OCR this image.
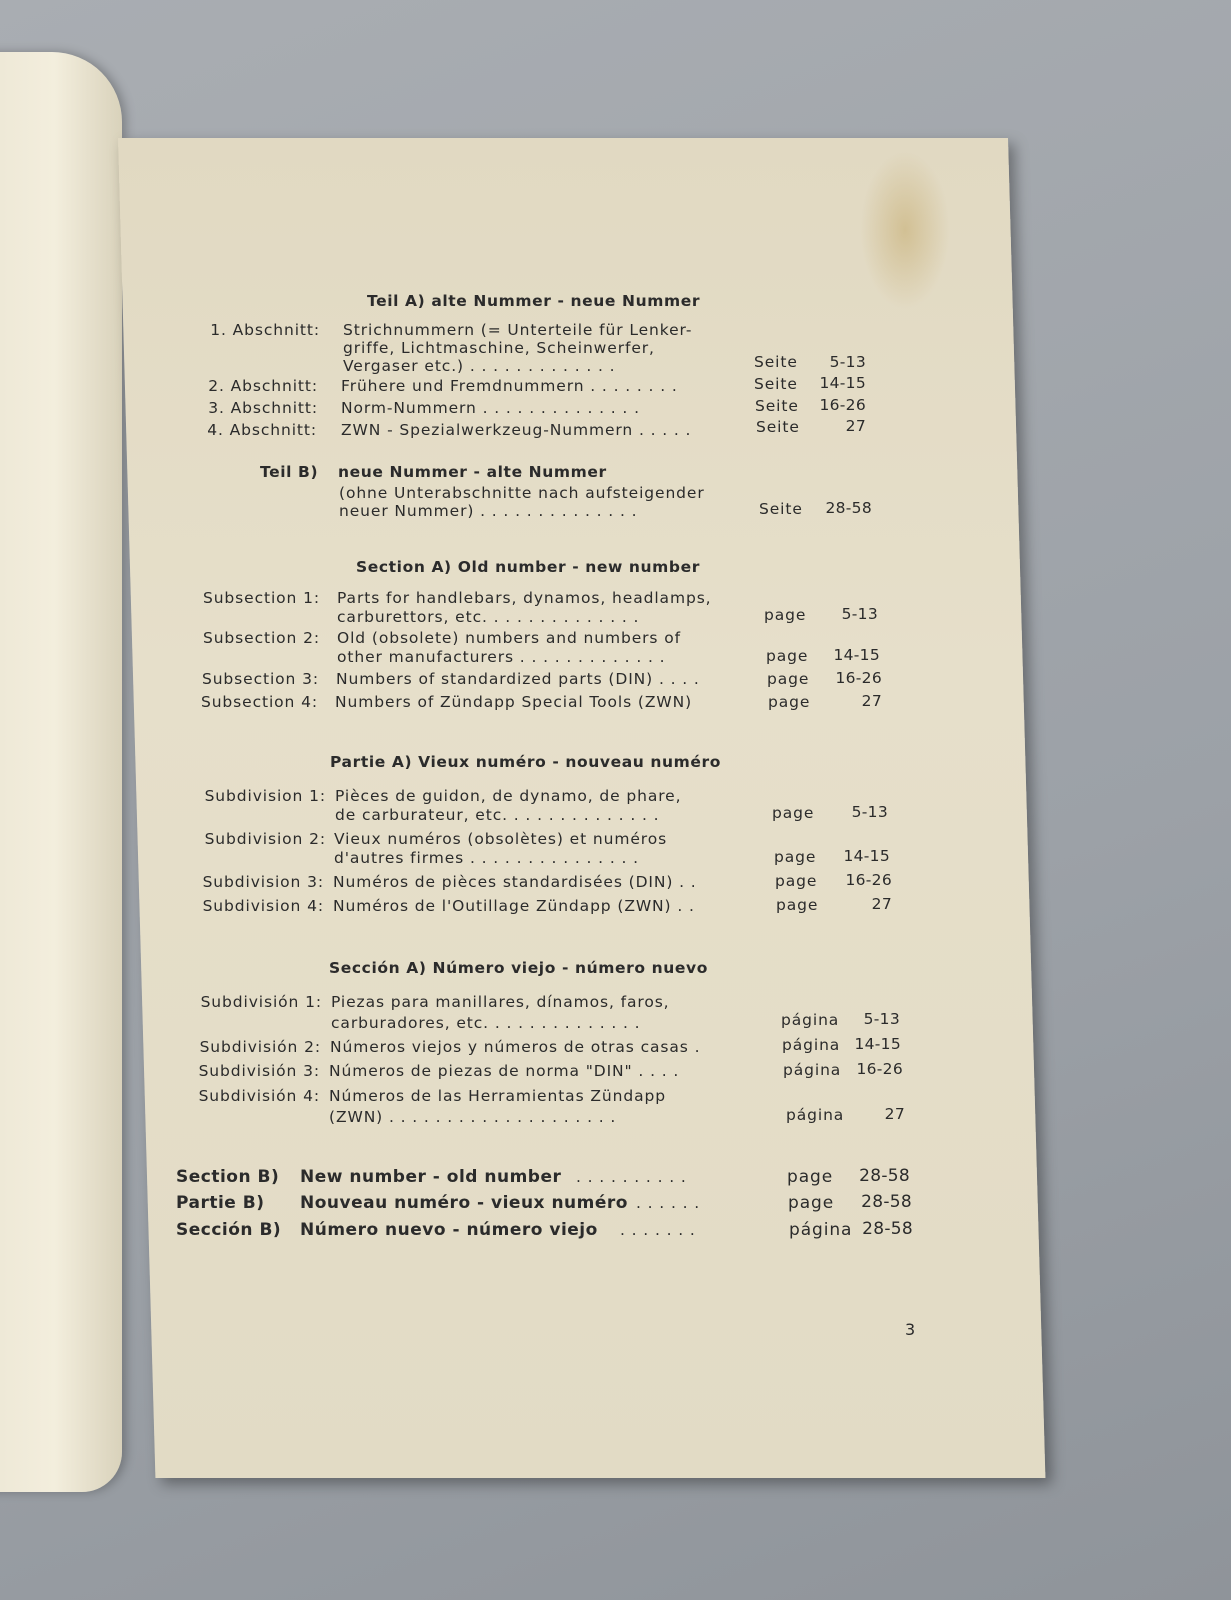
Teil A) alte Nummer - neue Nummer
1. Abschnitt: Strichnummern (= Unterteile für Lenker-
griffe, Lichtmaschine, Scheinwerfer,
Vergaser etc.) . . . . . . . . . . . . .	Seite	5-13
2. Abschnitt: Frühere und Fremdnummern . . . . . . . .	Seite	14-15
3. Abschnitt: Norm-Nummern . . . . . . . . . . . . . .	Seite	16-26
4. Abschnitt: ZWN - Spezialwerkzeug-Nummern . . . . .	Seite	27
Teil B) neue Nummer - alte Nummer
(ohne Unterabschnitte nach aufsteigender
neuer Nummer) . . . . . . . . . . . . . .	Seite	28-58
Section A) Old number - new number
Subsection 1: Parts for handlebars, dynamos, headlamps,
carburettors, etc. . . . . . . . . . . . . .	page	5-13
Subsection 2: Old (obsolete) numbers and numbers of
other manufacturers . . . . . . . . . . . . .	page	14-15
Subsection 3: Numbers of standardized parts (DIN) . . . .	page	16-26
Subsection 4: Numbers of Zündapp Special Tools (ZWN)	page	27
Partie A) Vieux numéro - nouveau numéro
Subdivision 1: Pièces de guidon, de dynamo, de phare,
de carburateur, etc. . . . . . . . . . . . . .	page	5-13
Subdivision 2: Vieux numéros (obsolètes) et numéros
d'autres firmes . . . . . . . . . . . . . . .	page	14-15
Subdivision 3: Numéros de pièces standardisées (DIN) . .	page	16-26
Subdivision 4: Numéros de l'Outillage Zündapp (ZWN) . .	page	27
Sección A) Número viejo - número nuevo
Subdivisión 1: Piezas para manillares, dínamos, faros,
carburadores, etc. . . . . . . . . . . . . .	página	5-13
Subdivisión 2: Números viejos y números de otras casas .	página 14-15
Subdivisión 3: Números de piezas de norma "DIN" . . . .	página 16-26
Subdivisión 4: Números de las Herramientas Zündapp
(ZWN) . . . . . . . . . . . . . . . . . . . .	página	27
Section B) New number - old number . . . . . . . . . .	page	28-58
Partie B) Nouveau numéro - vieux numéro . . . . . .	page	28-58
Sección B) Número nuevo - número viejo . . . . . . .	página 28-58
3
